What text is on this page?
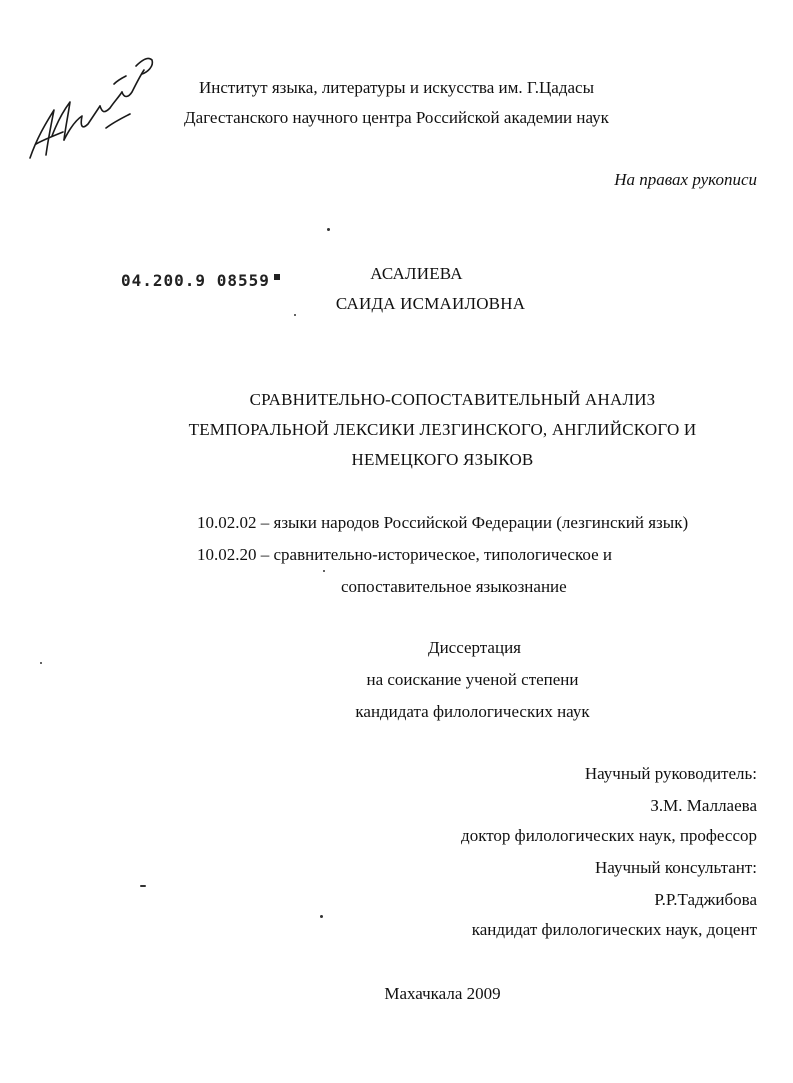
Институт языка, литературы и искусства им. Г.Цадасы
Дагестанского научного центра Российской академии наук
На правах рукописи
04.200.9 08559	АСАЛИЕВА
САИДА ИСМАИЛОВНА
СРАВНИТЕЛЬНО-СОПОСТАВИТЕЛЬНЫЙ АНАЛИЗ
ТЕМПОРАЛЬНОЙ ЛЕКСИКИ ЛЕЗГИНСКОГО, АНГЛИЙСКОГО И
НЕМЕЦКОГО ЯЗЫКОВ
10.02.02 – языки народов Российской Федерации (лезгинский язык)
10.02.20 – сравнительно-историческое, типологическое и
сопоставительное языкознание
Диссертация
на соискание ученой степени
кандидата филологических наук
Научный руководитель:
З.М. Маллаева
доктор филологических наук, профессор
Научный консультант:
Р.Р.Таджибова
кандидат филологических наук, доцент
Махачкала 2009
